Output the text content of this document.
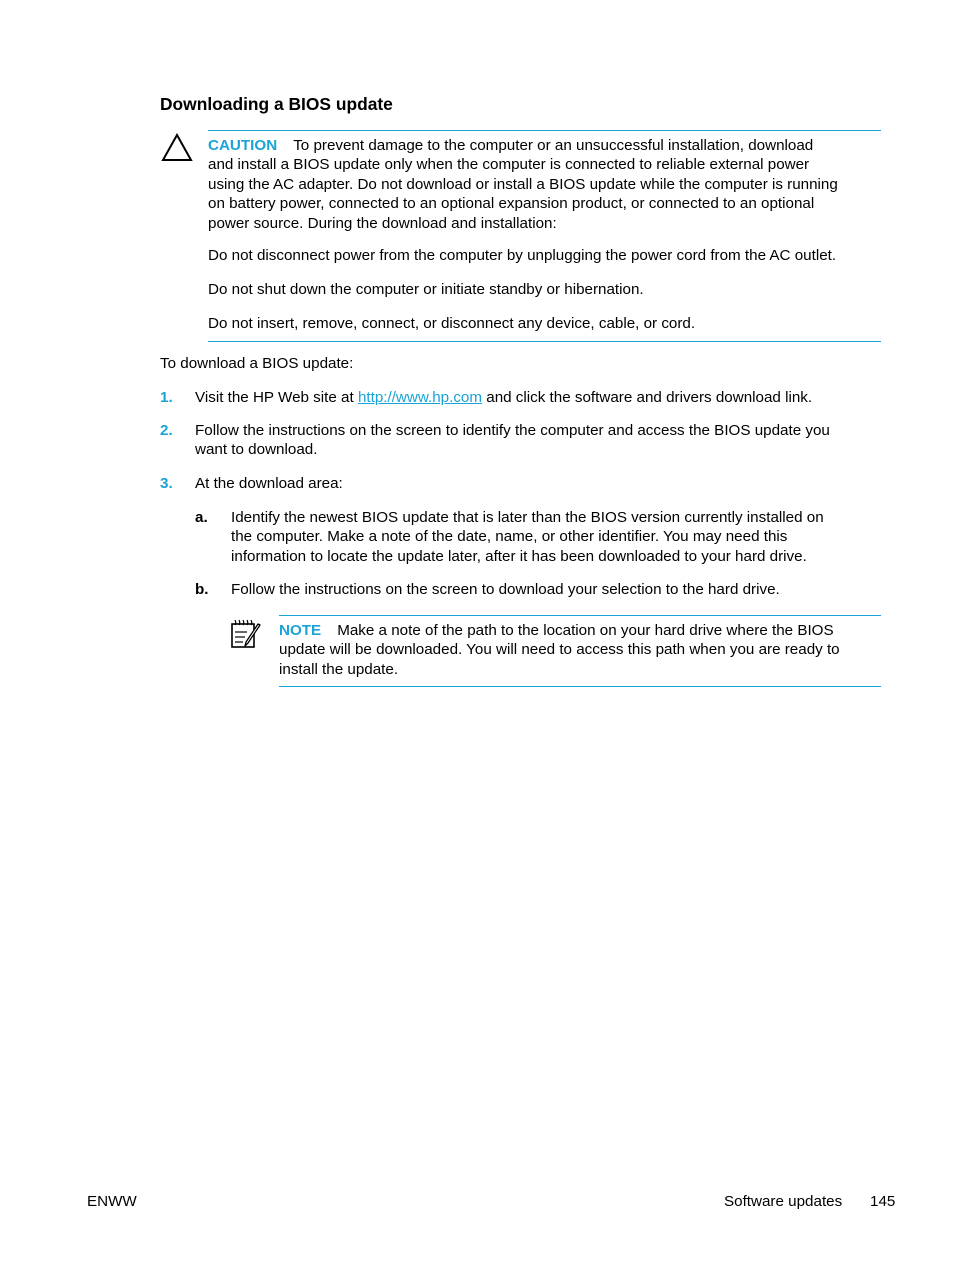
Downloading a BIOS update
CAUTION To prevent damage to the computer or an unsuccessful installation, download
and install a BIOS update only when the computer is connected to reliable external power
using the AC adapter. Do not download or install a BIOS update while the computer is running
on battery power, connected to an optional expansion product, or connected to an optional
power source. During the download and installation:
Do not disconnect power from the computer by unplugging the power cord from the AC outlet.
Do not shut down the computer or initiate standby or hibernation.
Do not insert, remove, connect, or disconnect any device, cable, or cord.
To download a BIOS update:
1. Visit the HP Web site at http://www.hp.com and click the software and drivers download link.
2. Follow the instructions on the screen to identify the computer and access the BIOS update you
want to download.
3. At the download area:
a. Identify the newest BIOS update that is later than the BIOS version currently installed on
the computer. Make a note of the date, name, or other identifier. You may need this
information to locate the update later, after it has been downloaded to your hard drive.
b. Follow the instructions on the screen to download your selection to the hard drive.
NOTE Make a note of the path to the location on your hard drive where the BIOS
update will be downloaded. You will need to access this path when you are ready to
install the update.
ENWW	Software updates 145
